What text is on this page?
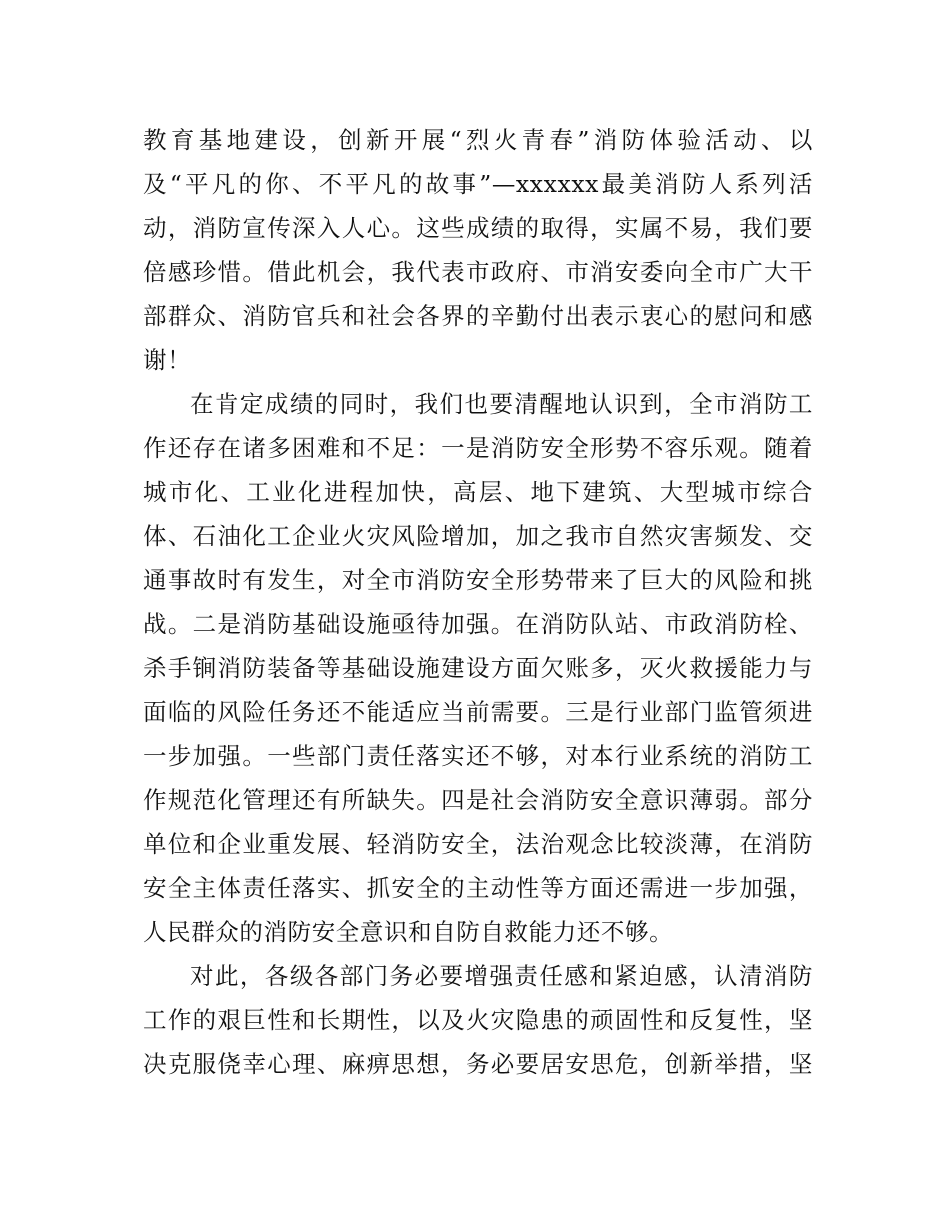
教育基地建设，创新开展“烈火青春”消防体验活动、以
及“平凡的你、不平凡的故事”—xxxxxx最美消防人系列活
动，消防宣传深入人心。这些成绩的取得，实属不易，我们要
倍感珍惜。借此机会，我代表市政府、市消安委向全市广大干
部群众、消防官兵和社会各界的辛勤付出表示衷心的慰问和感
谢！
在肯定成绩的同时，我们也要清醒地认识到，全市消防工
作还存在诸多困难和不足：一是消防安全形势不容乐观。随着
城市化、工业化进程加快，高层、地下建筑、大型城市综合
体、石油化工企业火灾风险增加，加之我市自然灾害频发、交
通事故时有发生，对全市消防安全形势带来了巨大的风险和挑
战。二是消防基础设施亟待加强。在消防队站、市政消防栓、
杀手锏消防装备等基础设施建设方面欠账多，灭火救援能力与
面临的风险任务还不能适应当前需要。三是行业部门监管须进
一步加强。一些部门责任落实还不够，对本行业系统的消防工
作规范化管理还有所缺失。四是社会消防安全意识薄弱。部分
单位和企业重发展、轻消防安全，法治观念比较淡薄，在消防
安全主体责任落实、抓安全的主动性等方面还需进一步加强，
人民群众的消防安全意识和自防自救能力还不够。
对此，各级各部门务必要增强责任感和紧迫感，认清消防
工作的艰巨性和长期性，以及火灾隐患的顽固性和反复性，坚
决克服侥幸心理、麻痹思想，务必要居安思危，创新举措，坚
